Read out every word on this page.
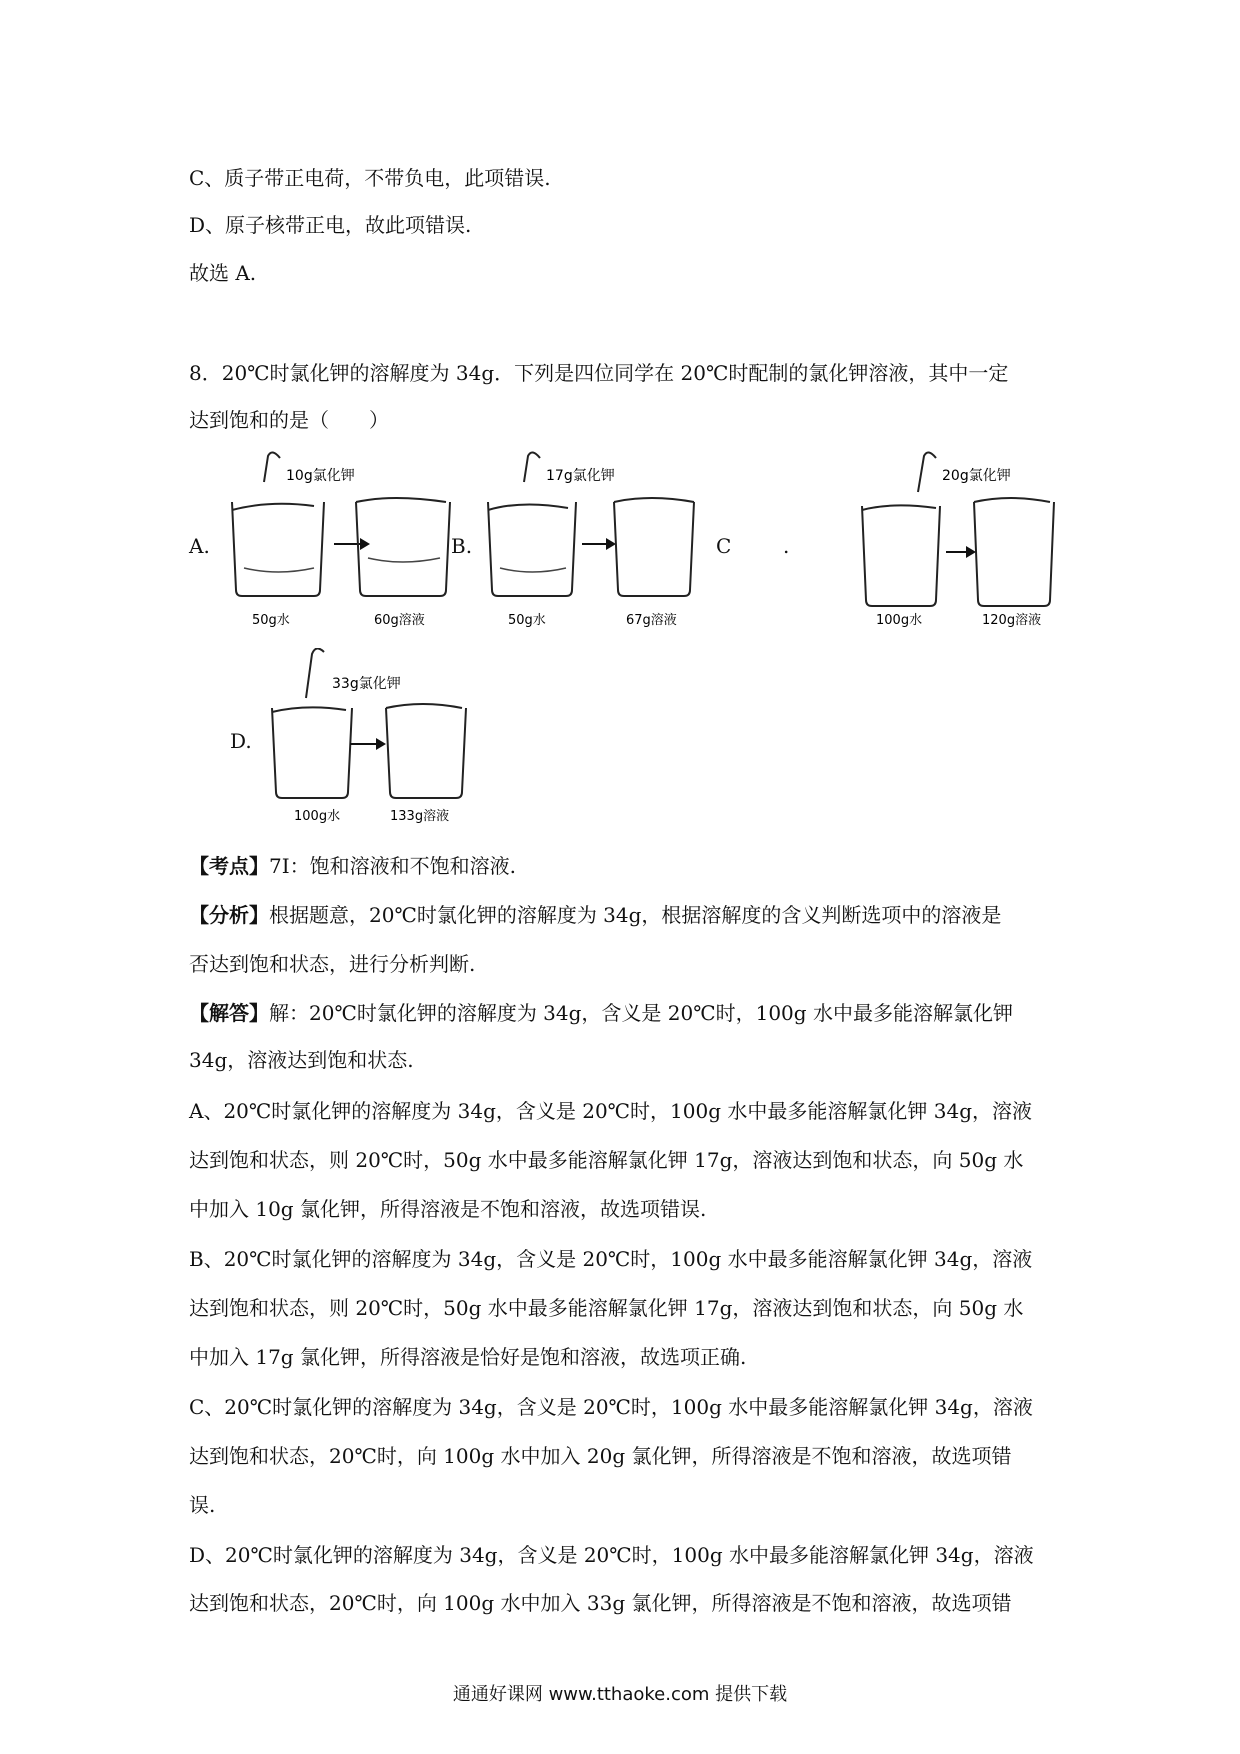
C、质子带正电荷，不带负电，此项错误.
D、原子核带正电，故此项错误.
故选 A.
8．20℃时氯化钾的溶解度为 34g．下列是四位同学在 20℃时配制的氯化钾溶液，其中一定
达到饱和的是（　　）
A.
10g氯化钾
50g水	60g溶液
B.
17g氯化钾
50g水	67g溶液
C	.
20g氯化钾
100g水	120g溶液
D.
33g氯化钾
100g水	133g溶液
【考点】7I：饱和溶液和不饱和溶液.
【分析】根据题意，20℃时氯化钾的溶解度为 34g，根据溶解度的含义判断选项中的溶液是
否达到饱和状态，进行分析判断.
【解答】解：20℃时氯化钾的溶解度为 34g，含义是 20℃时，100g 水中最多能溶解氯化钾
34g，溶液达到饱和状态.
A、20℃时氯化钾的溶解度为 34g，含义是 20℃时，100g 水中最多能溶解氯化钾 34g，溶液
达到饱和状态，则 20℃时，50g 水中最多能溶解氯化钾 17g，溶液达到饱和状态，向 50g 水
中加入 10g 氯化钾，所得溶液是不饱和溶液，故选项错误.
B、20℃时氯化钾的溶解度为 34g，含义是 20℃时，100g 水中最多能溶解氯化钾 34g，溶液
达到饱和状态，则 20℃时，50g 水中最多能溶解氯化钾 17g，溶液达到饱和状态，向 50g 水
中加入 17g 氯化钾，所得溶液是恰好是饱和溶液，故选项正确.
C、20℃时氯化钾的溶解度为 34g，含义是 20℃时，100g 水中最多能溶解氯化钾 34g，溶液
达到饱和状态，20℃时，向 100g 水中加入 20g 氯化钾，所得溶液是不饱和溶液，故选项错
误.
D、20℃时氯化钾的溶解度为 34g，含义是 20℃时，100g 水中最多能溶解氯化钾 34g，溶液
达到饱和状态，20℃时，向 100g 水中加入 33g 氯化钾，所得溶液是不饱和溶液，故选项错
通通好课网 www.tthaoke.com 提供下载
